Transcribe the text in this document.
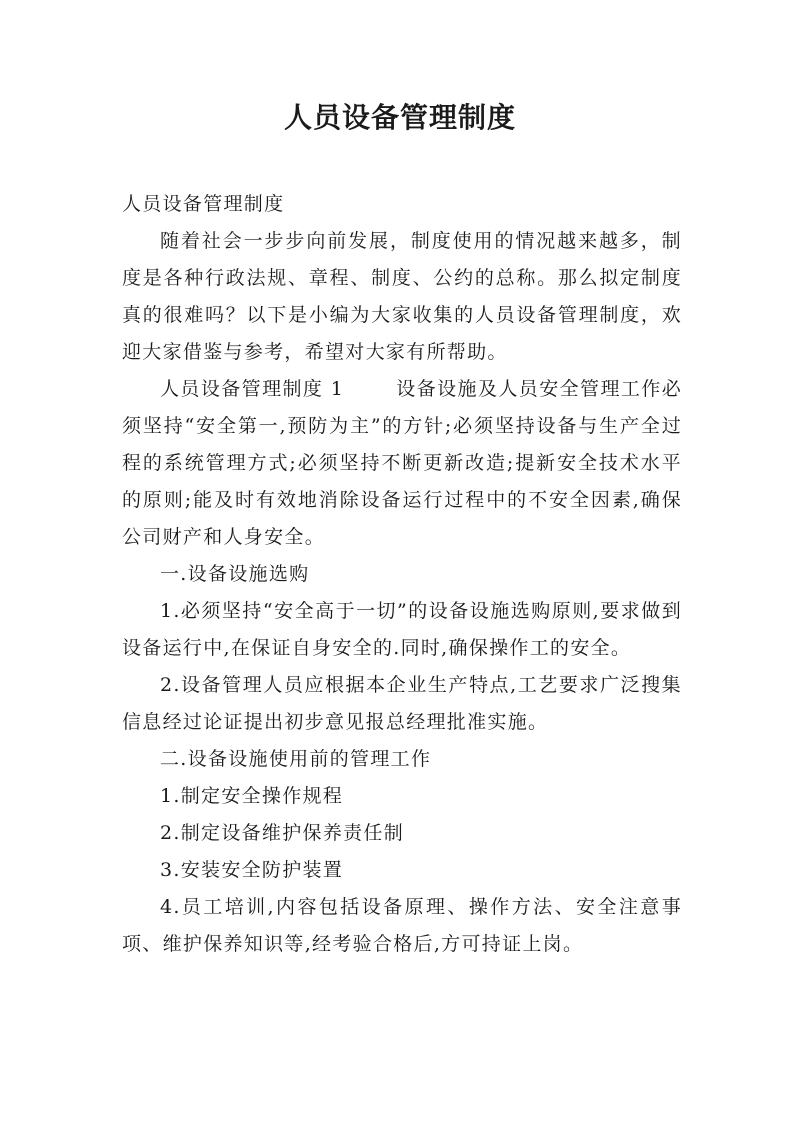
人员设备管理制度

人员设备管理制度

随着社会一步步向前发展，制度使用的情况越来越多，制度是各种行政法规、章程、制度、公约的总称。那么拟定制度真的很难吗？以下是小编为大家收集的人员设备管理制度，欢迎大家借鉴与参考，希望对大家有所帮助。

人员设备管理制度 1	设备设施及人员安全管理工作必须坚持“安全第一,预防为主”的方针;必须坚持设备与生产全过程的系统管理方式;必须坚持不断更新改造;提新安全技术水平的原则;能及时有效地消除设备运行过程中的不安全因素,确保公司财产和人身安全。

一.设备设施选购

1.必须坚持“安全高于一切”的设备设施选购原则,要求做到设备运行中,在保证自身安全的.同时,确保操作工的安全。

2.设备管理人员应根据本企业生产特点,工艺要求广泛搜集信息经过论证提出初步意见报总经理批准实施。

二.设备设施使用前的管理工作

1.制定安全操作规程

2.制定设备维护保养责任制

3.安装安全防护装置

4.员工培训,内容包括设备原理、操作方法、安全注意事项、维护保养知识等,经考验合格后,方可持证上岗。
